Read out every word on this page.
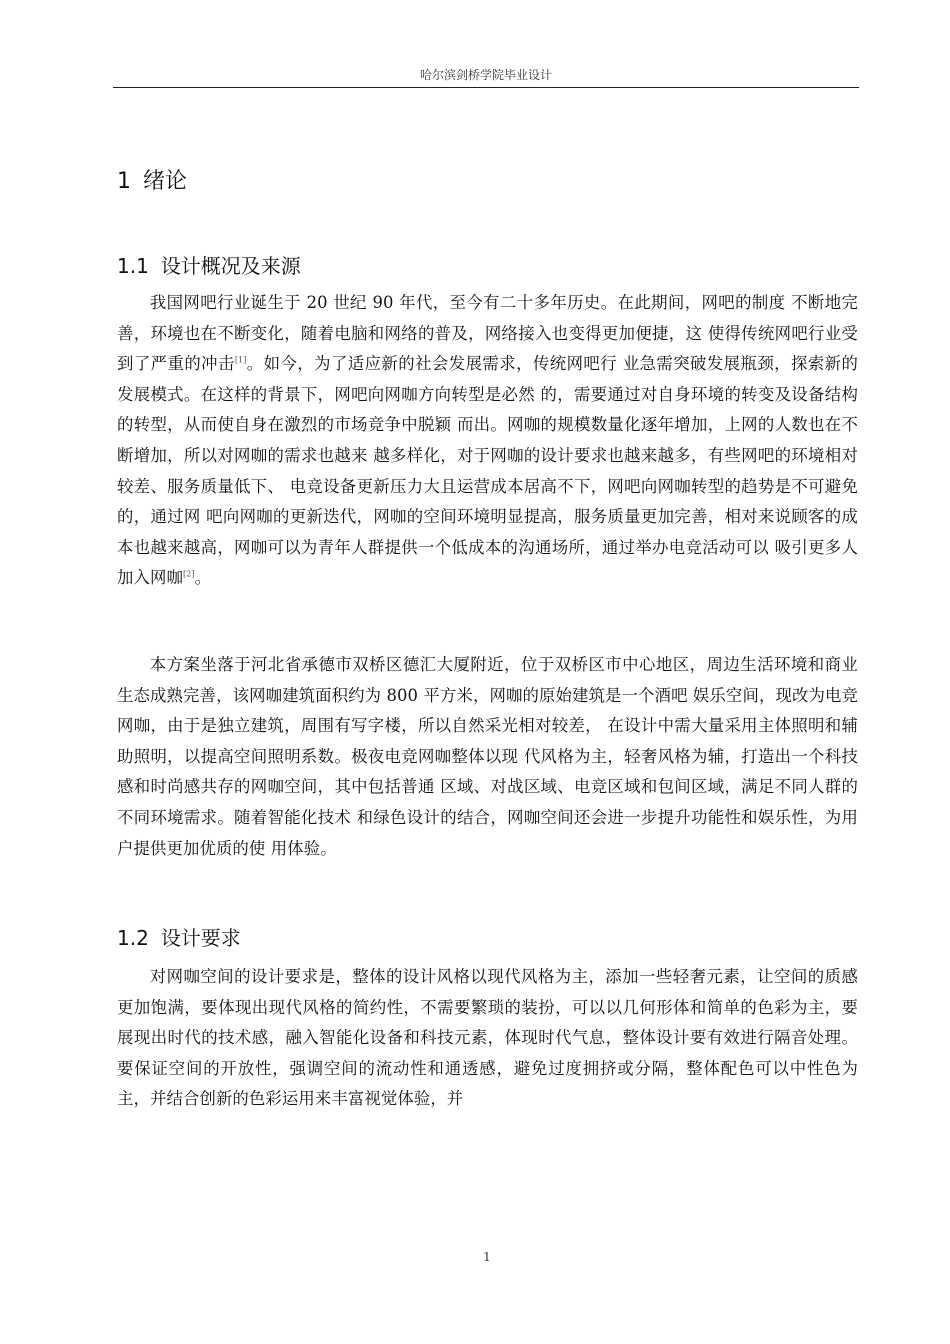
哈尔滨剑桥学院毕业设计
1 绪论
1.1 设计概况及来源

我国网吧行业诞生于 20 世纪 90 年代，至今有二十多年历史。在此期间，网吧的制度 不断地完善，环境也在不断变化，随着电脑和网络的普及，网络接入也变得更加便捷，这 使得传统网吧行业受到了严重的冲击[1]。如今，为了适应新的社会发展需求，传统网吧行 业急需突破发展瓶颈，探索新的发展模式。在这样的背景下，网吧向网咖方向转型是必然 的，需要通过对自身环境的转变及设备结构的转型，从而使自身在激烈的市场竞争中脱颖 而出。网咖的规模数量化逐年增加，上网的人数也在不断增加，所以对网咖的需求也越来 越多样化，对于网咖的设计要求也越来越多，有些网吧的环境相对较差、服务质量低下、 电竞设备更新压力大且运营成本居高不下，网吧向网咖转型的趋势是不可避免的，通过网 吧向网咖的更新迭代，网咖的空间环境明显提高，服务质量更加完善，相对来说顾客的成 本也越来越高，网咖可以为青年人群提供一个低成本的沟通场所，通过举办电竞活动可以 吸引更多人加入网咖[2]。

本方案坐落于河北省承德市双桥区德汇大厦附近，位于双桥区市中心地区，周边生活环境和商业生态成熟完善，该网咖建筑面积约为 800 平方米，网咖的原始建筑是一个酒吧 娱乐空间，现改为电竞网咖，由于是独立建筑，周围有写字楼，所以自然采光相对较差， 在设计中需大量采用主体照明和辅助照明，以提高空间照明系数。极夜电竞网咖整体以现 代风格为主，轻奢风格为辅，打造出一个科技感和时尚感共存的网咖空间，其中包括普通 区域、对战区域、电竞区域和包间区域，满足不同人群的不同环境需求。随着智能化技术 和绿色设计的结合，网咖空间还会进一步提升功能性和娱乐性，为用户提供更加优质的使 用体验。

1.2 设计要求

对网咖空间的设计要求是，整体的设计风格以现代风格为主，添加一些轻奢元素，让空间的质感更加饱满，要体现出现代风格的简约性，不需要繁琐的装扮，可以以几何形体和简单的色彩为主，要展现出时代的技术感，融入智能化设备和科技元素，体现时代气息，整体设计要有效进行隔音处理。要保证空间的开放性，强调空间的流动性和通透感，避免过度拥挤或分隔，整体配色可以中性色为主，并结合创新的色彩运用来丰富视觉体验，并

1
